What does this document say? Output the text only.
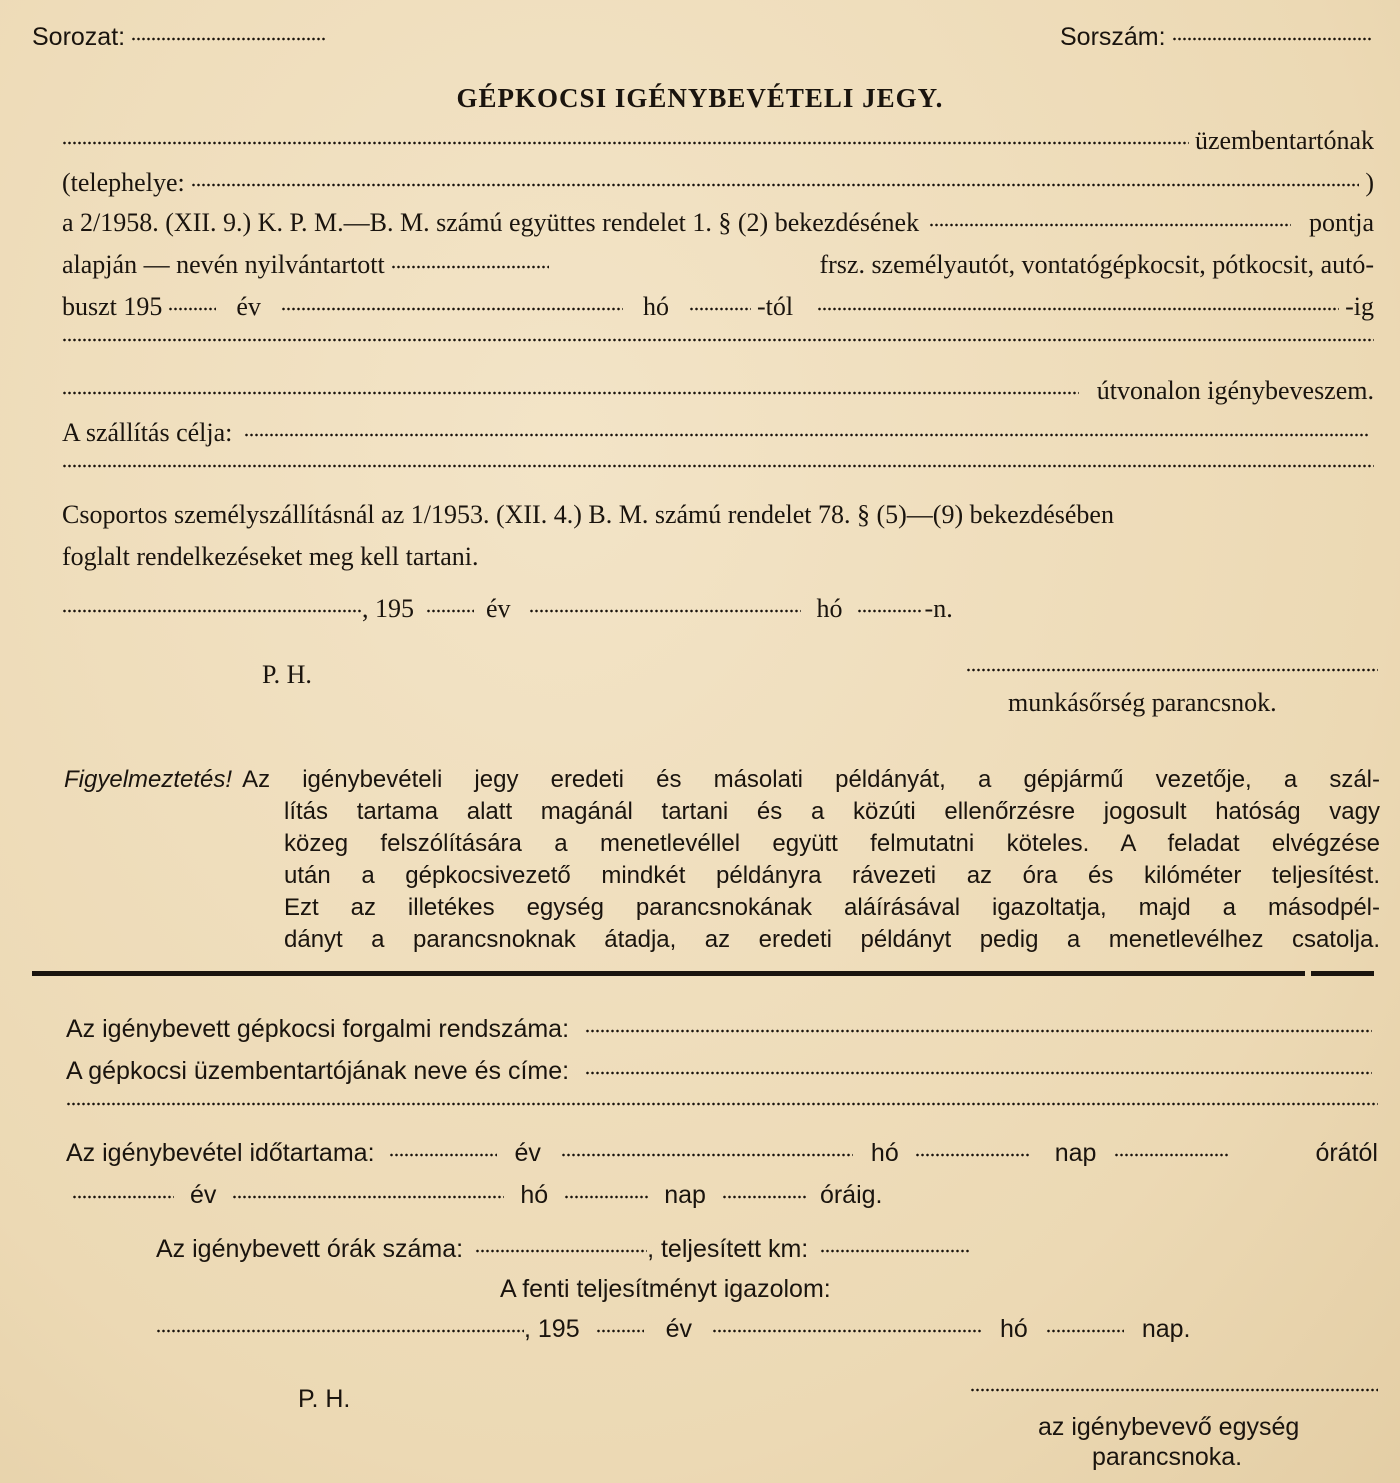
Sorozat:	Sorszám:
GÉPKOCSI IGÉNYBEVÉTELI JEGY.
üzembentartónak
(telephelye:	)
a 2/1958. (XII. 9.) K. P. M.—B. M. számú együttes rendelet 1. § (2) bekezdésének	pontja
alapján — nevén nyilvántartott	frsz. személyautót, vontatógépkocsit, pótkocsit, autó-
buszt 195	év	hó	-tól	-ig
útvonalon igénybeveszem.
A szállítás célja:
Csoportos személyszállításnál az 1/1953. (XII. 4.) B. M. számú rendelet 78. § (5)—(9) bekezdésében
foglalt rendelkezéseket meg kell tartani.
, 195	év	hó	-n.
P. H.
munkásőrség parancsnok.
Figyelmeztetés! Az igénybevételi jegy eredeti és másolati példányát, a gépjármű vezetője, a szál-
lítás tartama alatt magánál tartani és a közúti ellenőrzésre jogosult hatóság vagy
közeg felszólítására a menetlevéllel együtt felmutatni köteles. A feladat elvégzése
után a gépkocsivezető mindkét példányra rávezeti az óra és kilóméter teljesítést.
Ezt az illetékes egység parancsnokának aláírásával igazoltatja, majd a másodpél-
dányt a parancsnoknak átadja, az eredeti példányt pedig a menetlevélhez csatolja.
Az igénybevett gépkocsi forgalmi rendszáma:
A gépkocsi üzembentartójának neve és címe:
Az igénybevétel időtartama:	év	hó	nap	órától
év	hó	nap	óráig.
Az igénybevett órák száma:	, teljesített km:
A fenti teljesítményt igazolom:
, 195	év	hó	nap.
P. H.
az igénybevevő egység
parancsnoka.
